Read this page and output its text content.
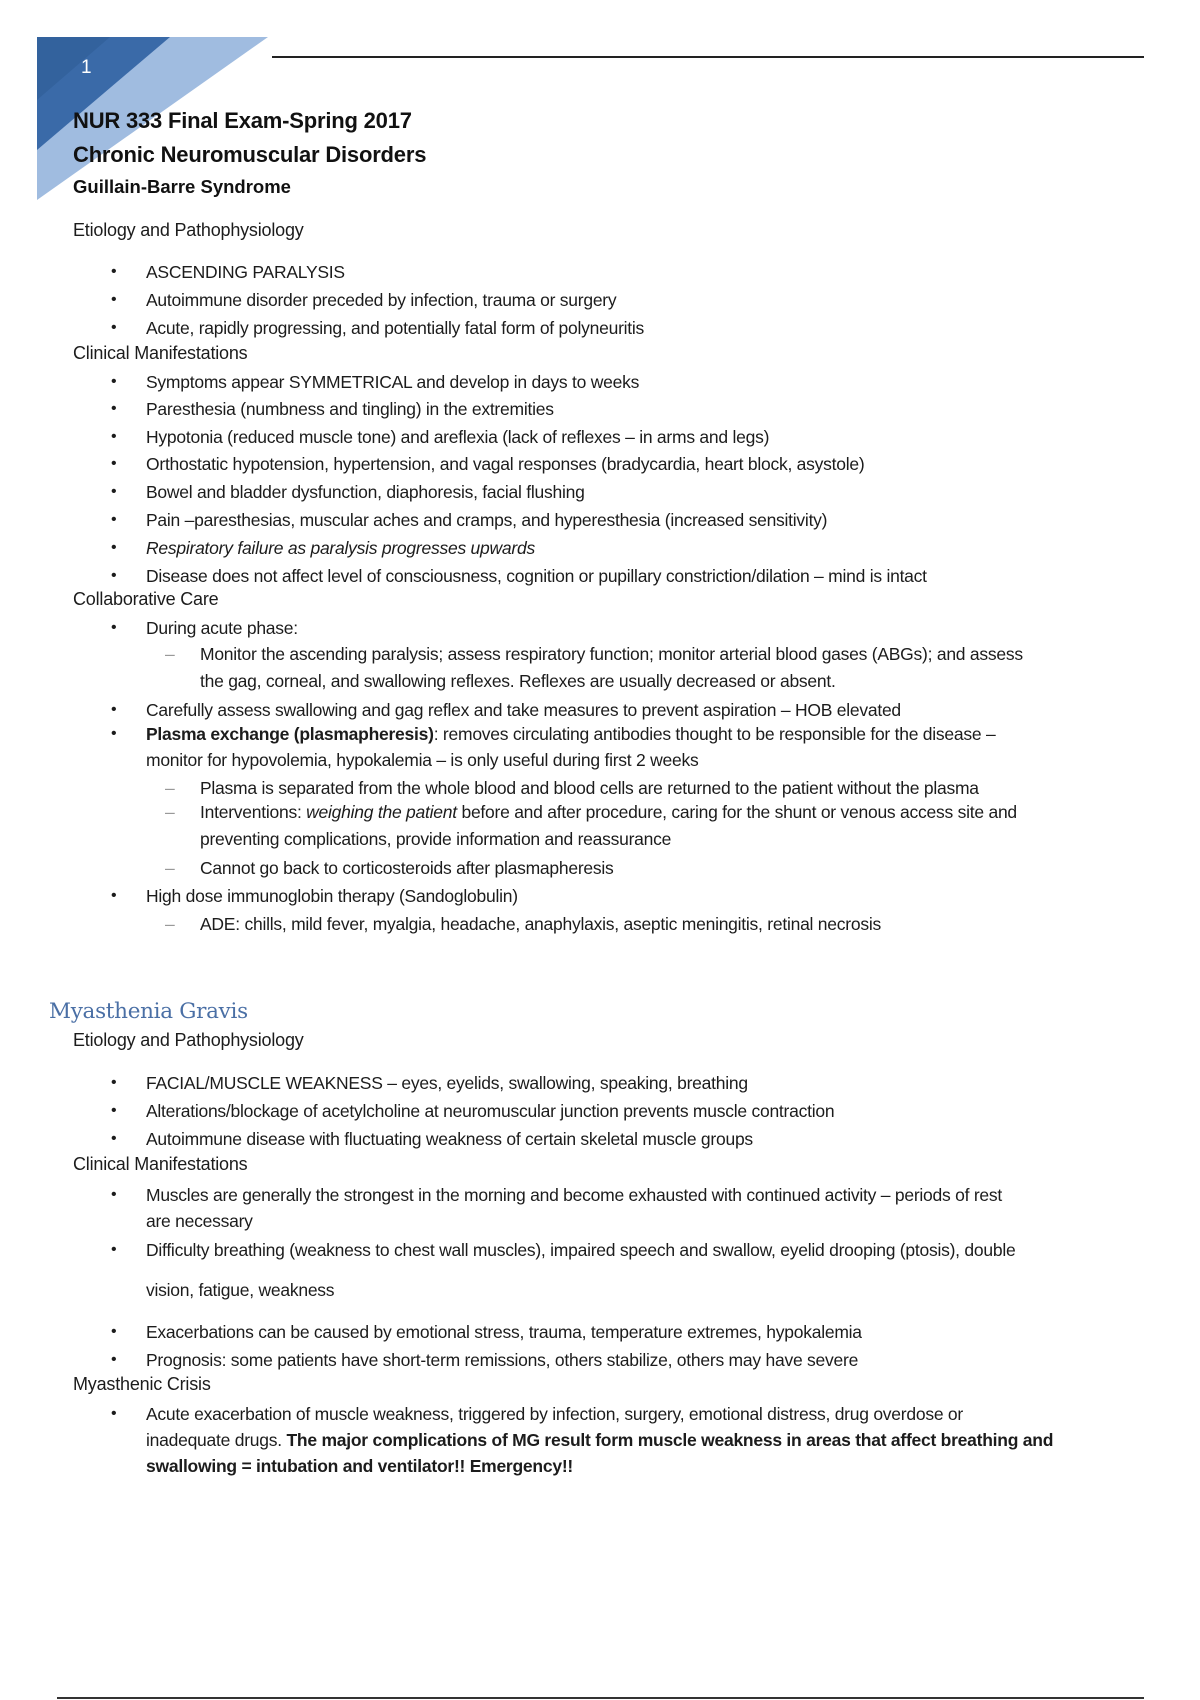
1
NUR 333 Final Exam-Spring 2017
Chronic Neuromuscular Disorders
Guillain-Barre Syndrome
Etiology and Pathophysiology
• ASCENDING PARALYSIS
• Autoimmune disorder preceded by infection, trauma or surgery
• Acute, rapidly progressing, and potentially fatal form of polyneuritis
Clinical Manifestations
• Symptoms appear SYMMETRICAL and develop in days to weeks
• Paresthesia (numbness and tingling) in the extremities
• Hypotonia (reduced muscle tone) and areflexia (lack of reflexes – in arms and legs)
• Orthostatic hypotension, hypertension, and vagal responses (bradycardia, heart block, asystole)
• Bowel and bladder dysfunction, diaphoresis, facial flushing
• Pain –paresthesias, muscular aches and cramps, and hyperesthesia (increased sensitivity)
• Respiratory failure as paralysis progresses upwards
• Disease does not affect level of consciousness, cognition or pupillary constriction/dilation – mind is intact
Collaborative Care
• During acute phase:
– Monitor the ascending paralysis; assess respiratory function; monitor arterial blood gases (ABGs); and assess
the gag, corneal, and swallowing reflexes. Reflexes are usually decreased or absent.
• Carefully assess swallowing and gag reflex and take measures to prevent aspiration – HOB elevated
• Plasma exchange (plasmapheresis): removes circulating antibodies thought to be responsible for the disease –
monitor for hypovolemia, hypokalemia – is only useful during first 2 weeks
– Plasma is separated from the whole blood and blood cells are returned to the patient without the plasma
– Interventions: weighing the patient before and after procedure, caring for the shunt or venous access site and
preventing complications, provide information and reassurance
– Cannot go back to corticosteroids after plasmapheresis
• High dose immunoglobin therapy (Sandoglobulin)
– ADE: chills, mild fever, myalgia, headache, anaphylaxis, aseptic meningitis, retinal necrosis
Myasthenia Gravis
Etiology and Pathophysiology
• FACIAL/MUSCLE WEAKNESS – eyes, eyelids, swallowing, speaking, breathing
• Alterations/blockage of acetylcholine at neuromuscular junction prevents muscle contraction
• Autoimmune disease with fluctuating weakness of certain skeletal muscle groups
Clinical Manifestations
• Muscles are generally the strongest in the morning and become exhausted with continued activity – periods of rest
are necessary
• Difficulty breathing (weakness to chest wall muscles), impaired speech and swallow, eyelid drooping (ptosis), double
vision, fatigue, weakness
• Exacerbations can be caused by emotional stress, trauma, temperature extremes, hypokalemia
• Prognosis: some patients have short-term remissions, others stabilize, others may have severe
Myasthenic Crisis
• Acute exacerbation of muscle weakness, triggered by infection, surgery, emotional distress, drug overdose or
inadequate drugs. The major complications of MG result form muscle weakness in areas that affect breathing and
swallowing = intubation and ventilator!! Emergency!!
